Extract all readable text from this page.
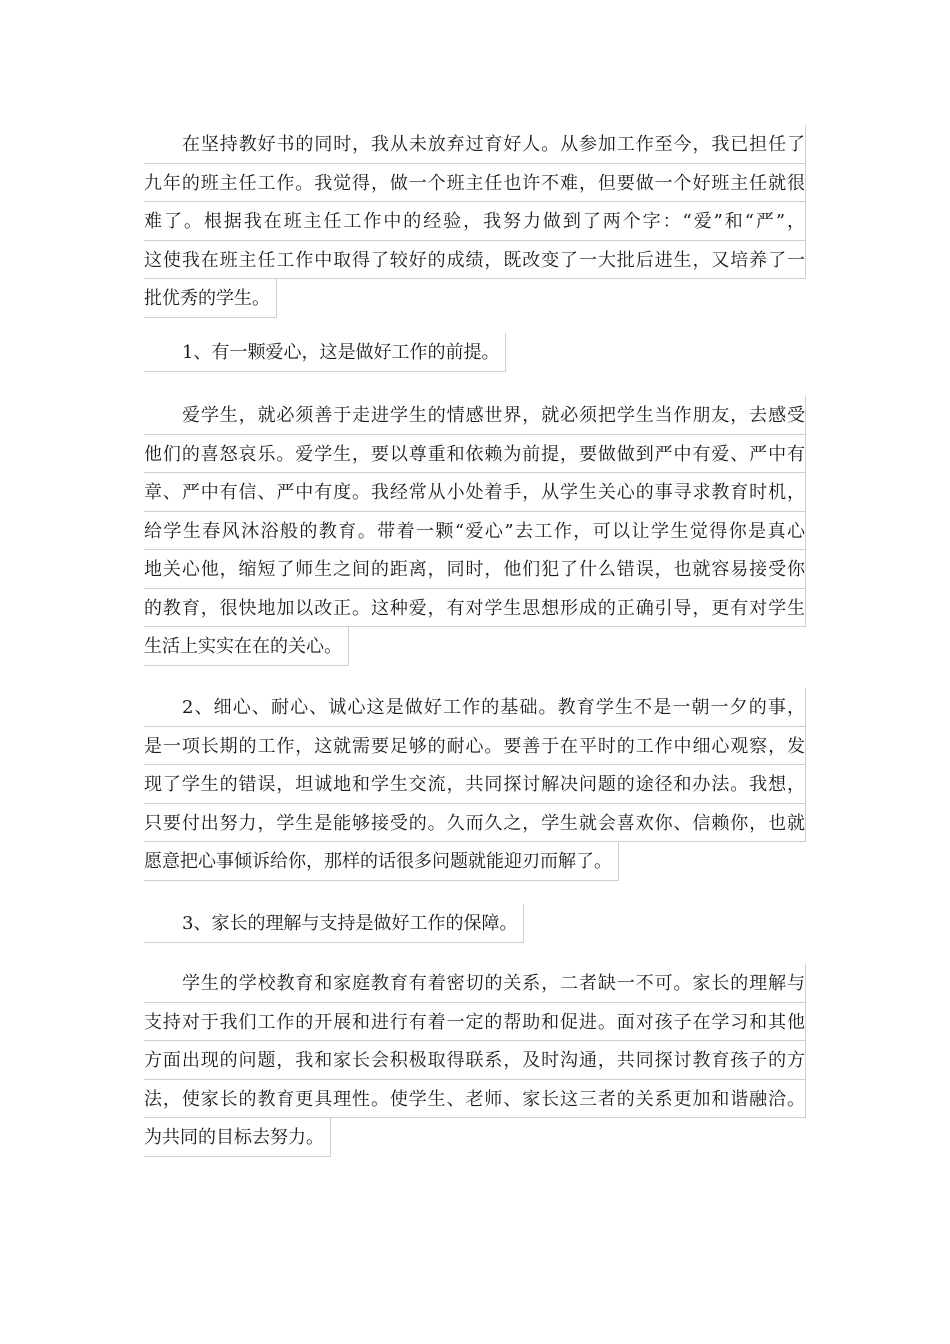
在坚持教好书的同时，我从未放弃过育好人。从参加工作至今，我已担任了
九年的班主任工作。我觉得，做一个班主任也许不难，但要做一个好班主任就很
难了。根据我在班主任工作中的经验，我努力做到了两个字：“爱”和“严”，
这使我在班主任工作中取得了较好的成绩，既改变了一大批后进生，又培养了一
批优秀的学生。
1、有一颗爱心，这是做好工作的前提。
爱学生，就必须善于走进学生的情感世界，就必须把学生当作朋友，去感受
他们的喜怒哀乐。爱学生，要以尊重和依赖为前提，要做做到严中有爱、严中有
章、严中有信、严中有度。我经常从小处着手，从学生关心的事寻求教育时机，
给学生春风沐浴般的教育。带着一颗“爱心”去工作，可以让学生觉得你是真心
地关心他，缩短了师生之间的距离，同时，他们犯了什么错误，也就容易接受你
的教育，很快地加以改正。这种爱，有对学生思想形成的正确引导，更有对学生
生活上实实在在的关心。
2、细心、耐心、诚心这是做好工作的基础。教育学生不是一朝一夕的事，
是一项长期的工作，这就需要足够的耐心。要善于在平时的工作中细心观察，发
现了学生的错误，坦诚地和学生交流，共同探讨解决问题的途径和办法。我想，
只要付出努力，学生是能够接受的。久而久之，学生就会喜欢你、信赖你，也就
愿意把心事倾诉给你，那样的话很多问题就能迎刃而解了。
3、家长的理解与支持是做好工作的保障。
学生的学校教育和家庭教育有着密切的关系，二者缺一不可。家长的理解与
支持对于我们工作的开展和进行有着一定的帮助和促进。面对孩子在学习和其他
方面出现的问题，我和家长会积极取得联系，及时沟通，共同探讨教育孩子的方
法，使家长的教育更具理性。使学生、老师、家长这三者的关系更加和谐融洽。
为共同的目标去努力。
